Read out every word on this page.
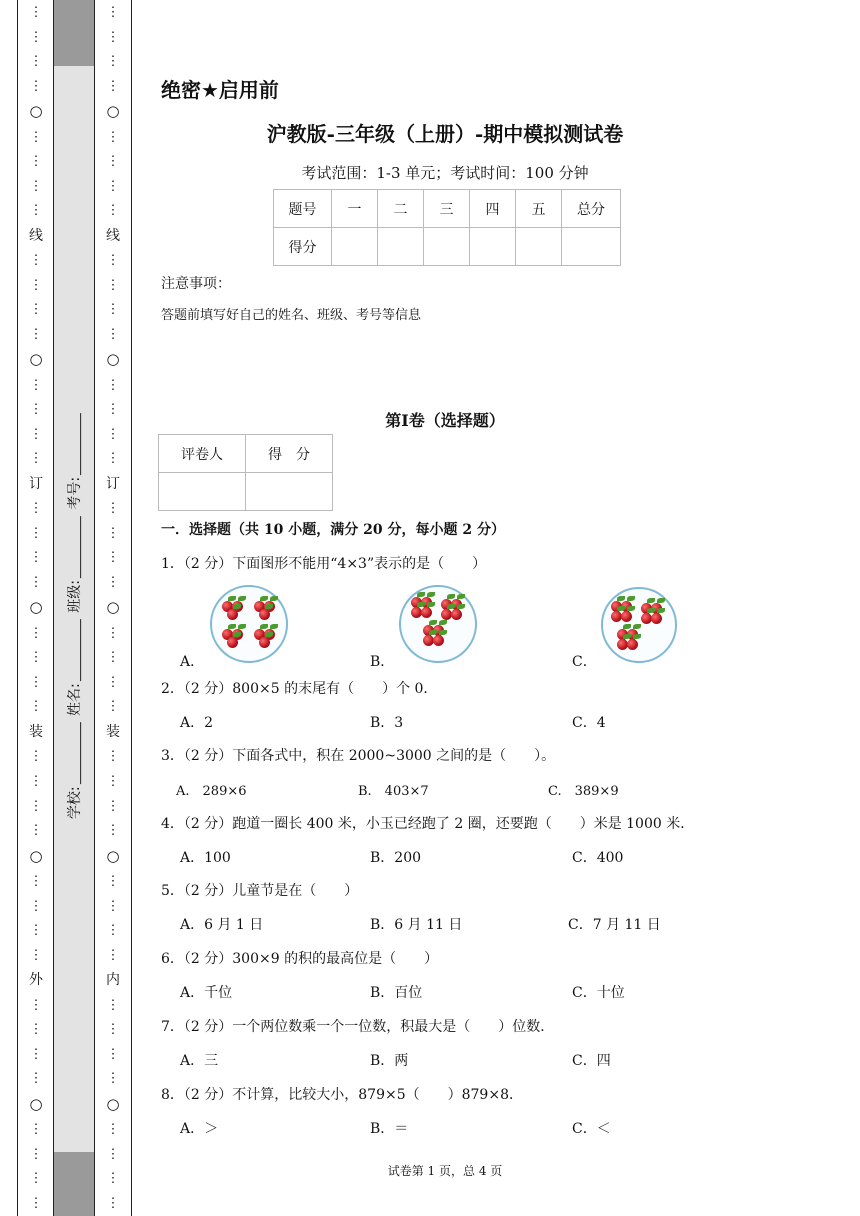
学校: 姓名: 班级: 考号:
⋮
⋮
⋮
⋮
○
⋮
⋮
⋮
⋮
线
⋮
⋮
⋮
⋮
○
⋮
⋮
⋮
⋮
订
⋮
⋮
⋮
⋮
○
⋮
⋮
⋮
⋮
装
⋮
⋮
⋮
⋮
○
⋮
⋮
⋮
⋮
外
⋮
⋮
⋮
⋮
○
⋮
⋮
⋮
⋮
⋮
⋮
⋮
⋮
○
⋮
⋮
⋮
⋮
线
⋮
⋮
⋮
⋮
○
⋮
⋮
⋮
⋮
订
⋮
⋮
⋮
⋮
○
⋮
⋮
⋮
⋮
装
⋮
⋮
⋮
⋮
○
⋮
⋮
⋮
⋮
内
⋮
⋮
⋮
⋮
○
⋮
⋮
⋮
⋮
绝密★启用前
沪教版-三年级（上册）-期中模拟测试卷
考试范围：1-3 单元；考试时间：100 分钟
题号	一	二	三	四	五	总分
得分						
注意事项：
答题前填写好自己的姓名、班级、考号等信息
第Ⅰ卷（选择题）
评卷人	得　分

一．选择题（共 10 小题，满分 20 分，每小题 2 分）
1．（2 分）下面图形不能用“4×3”表示的是（　　）
A．	B．	C．
2．（2 分）800×5 的末尾有（　　）个 0．
A．2	B．3	C．4
3．（2 分）下面各式中，积在 2000~3000 之间的是（　　）。
A.　289×6	B.　403×7	C.　389×9
4．（2 分）跑道一圈长 400 米，小玉已经跑了 2 圈，还要跑（　　）米是 1000 米．
A．100	B．200	C．400
5．（2 分）儿童节是在（　　）
A．6 月 1 日	B．6 月 11 日	C．7 月 11 日
6．（2 分）300×9 的积的最高位是（　　）
A．千位	B．百位	C．十位
7．（2 分）一个两位数乘一个一位数，积最大是（　　）位数．
A．三	B．两	C．四
8．（2 分）不计算，比较大小，879×5（　　）879×8．
A．＞	B．＝	C．＜
试卷第 1 页，总 4 页
